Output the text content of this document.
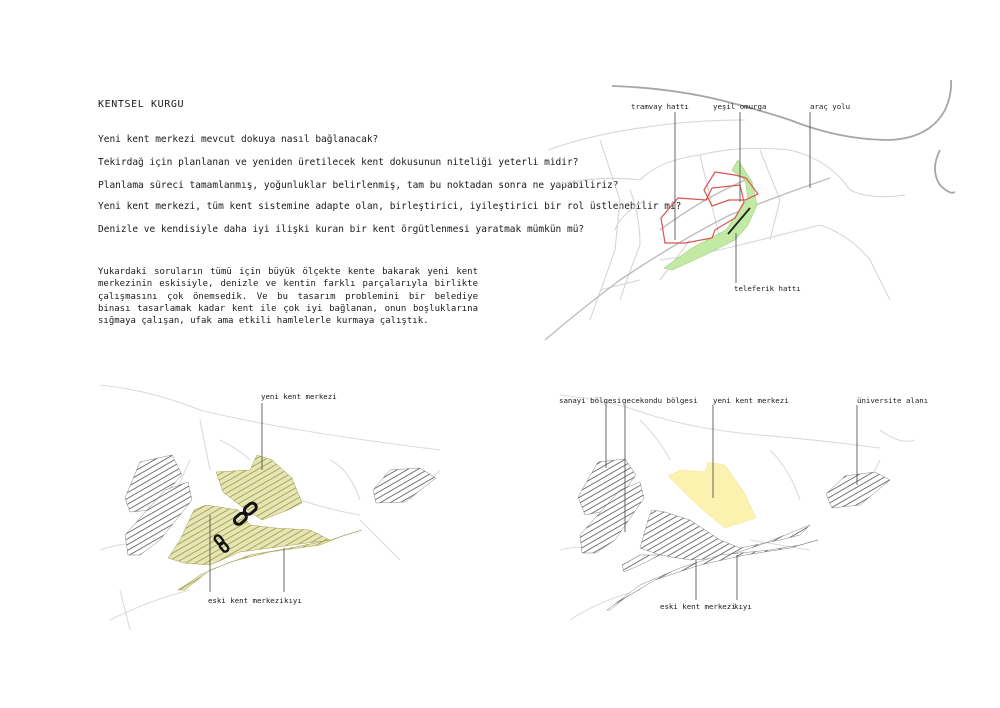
KENTSEL KURGU
Yeni kent merkezi mevcut dokuya nasıl bağlanacak?
Tekirdağ için planlanan ve yeniden üretilecek kent dokusunun niteliği yeterli midir?
Planlama süreci tamamlanmış, yoğunluklar belirlenmiş, tam bu noktadan sonra ne yapabiliriz?
Yeni kent merkezi, tüm kent sistemine adapte olan, birleştirici, iyileştirici bir rol üstlenebilir mi?
Denizle ve kendisiyle daha iyi ilişki kuran bir kent örgütlenmesi yaratmak mümkün mü?
Yukardaki soruların tümü için büyük ölçekte kente bakarak yeni kent merkezinin eskisiyle, denizle ve kentin farklı parçalarıyla birlikte çalışmasını çok önemsedik. Ve bu tasarım problemini bir belediye binası tasarlamak kadar kent ile çok iyi bağlanan, onun boşluklarına sığmaya çalışan, ufak ama etkili hamlelerle kurmaya çalıştık.
tramvay hattı	yeşil omurga	araç yolu
teleferik hattı
yeni kent merkezi
eski kent merkezi kıyı
sanayi bölgesi gecekondu bölgesi yeni kent merkezi	üniversite alanı
eski kent merkezi
kıyı
